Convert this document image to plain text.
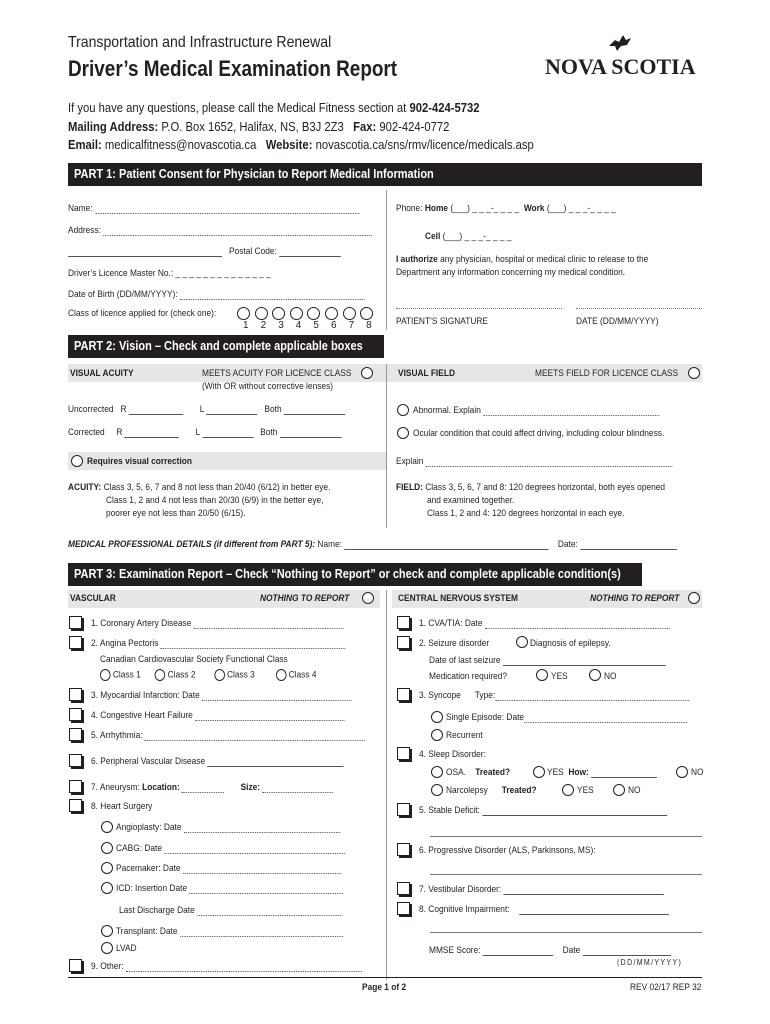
Transportation and Infrastructure Renewal
Driver’s Medical Examination Report	NOVA SCOTIA
If you have any questions, please call the Medical Fitness section at 902-424-5732
Mailing Address: P.O. Box 1652, Halifax, NS, B3J 2Z3 Fax: 902-424-0772
Email: medicalfitness@novascotia.ca Website: novascotia.ca/sns/rmv/licence/medicals.asp
PART 1: Patient Consent for Physician to Report Medical Information
Name:
Address:
Postal Code:
Driver’s Licence Master No.: _ _ _ _ _ _ _ _ _ _ _ _ _ _
Date of Birth (DD/MM/YYYY):
Class of licence applied for (check one):
1 2 3 4 5 6 7 8
Phone: Home (___) _ _ _-_ _ _ _  Work (___) _ _ _-_ _ _ _
Cell (___) _ _ _-_ _ _ _
I authorize any physician, hospital or medical clinic to release to the
Department any information concerning my medical condition.
PATIENT’S SIGNATURE	DATE (DD/MM/YYYY)
PART 2: Vision – Check and complete applicable boxes
VISUAL ACUITY	MEETS ACUITY FOR LICENCE CLASS
(With OR without corrective lenses)
VISUAL FIELD	MEETS FIELD FOR LICENCE CLASS
Uncorrected R	L	Both
Corrected R	L	Both
Abnormal. Explain
Ocular condition that could affect driving, including colour blindness.
Requires visual correction	Explain
ACUITY: Class 3, 5, 6, 7 and 8 not less than 20/40 (6/12) in better eye.
Class 1, 2 and 4 not less than 20/30 (6/9) in the better eye,
poorer eye not less than 20/50 (6/15).
FIELD: Class 3, 5, 6, 7 and 8: 120 degrees horizontal, both eyes opened
and examined together.
Class 1, 2 and 4: 120 degrees horizontal in each eye.
MEDICAL PROFESSIONAL DETAILS (if different from PART 5): Name:	Date:
PART 3: Examination Report – Check “Nothing to Report” or check and complete applicable condition(s)
VASCULAR	NOTHING TO REPORT	CENTRAL NERVOUS SYSTEM	NOTHING TO REPORT
1. Coronary Artery Disease
2. Angina Pectoris
Canadian Cardiovascular Society Functional Class
Class 1	Class 2	Class 3	Class 4
3. Myocardial Infarction: Date
4. Congestive Heart Failure
5. Arrhythmia:
6. Peripheral Vascular Disease
7. Aneurysm: Location:	Size:
8. Heart Surgery
Angioplasty: Date
CABG: Date
Pacemaker: Date
ICD: Insertion Date
Last Discharge Date
Transplant: Date
LVAD
9. Other:
1. CVA/TIA: Date
2. Seizure disorder	Diagnosis of epilepsy.
Date of last seizure
Medication required?	YES	NO
3. Syncope Type:
Single Episode: Date
Recurrent
4. Sleep Disorder:
OSA. Treated?	YES How:	NO
Narcolepsy Treated?	YES	NO
5. Stable Deficit:
6. Progressive Disorder (ALS, Parkinsons, MS):
7. Vestibular Disorder:
8. Cognitive Impairment:
MMSE Score:	Date
(DD/MM/YYYY)
Page 1 of 2	REV 02/17 REP 32
